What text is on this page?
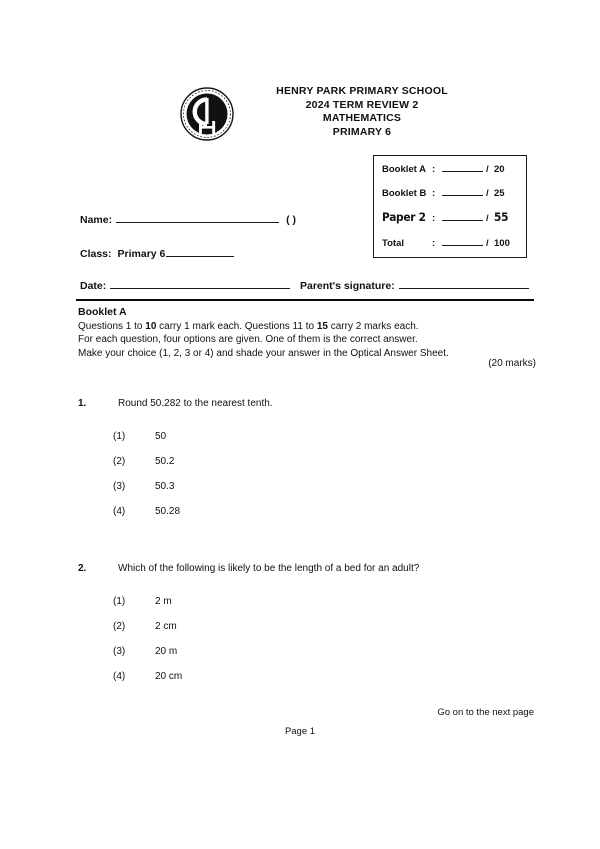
HENRY PARK PRIMARY SCHOOL
2024 TERM REVIEW 2
MATHEMATICS
PRIMARY 6
Booklet A :	/ 20
Booklet B :	/ 25
Paper 2 :	/ 55
Total	:	/ 100
Name:	( )
Class: Primary 6
Date:	Parent's signature:
Booklet A
Questions 1 to 10 carry 1 mark each. Questions 11 to 15 carry 2 marks each.
For each question, four options are given. One of them is the correct answer.
Make your choice (1, 2, 3 or 4) and shade your answer in the Optical Answer Sheet.
(20 marks)
1.	Round 50.282 to the nearest tenth.
(1)	50
(2)	50.2
(3)	50.3
(4)	50.28
2.	Which of the following is likely to be the length of a bed for an adult?
(1)	2 m
(2)	2 cm
(3)	20 m
(4)	20 cm
Go on to the next page
Page 1
